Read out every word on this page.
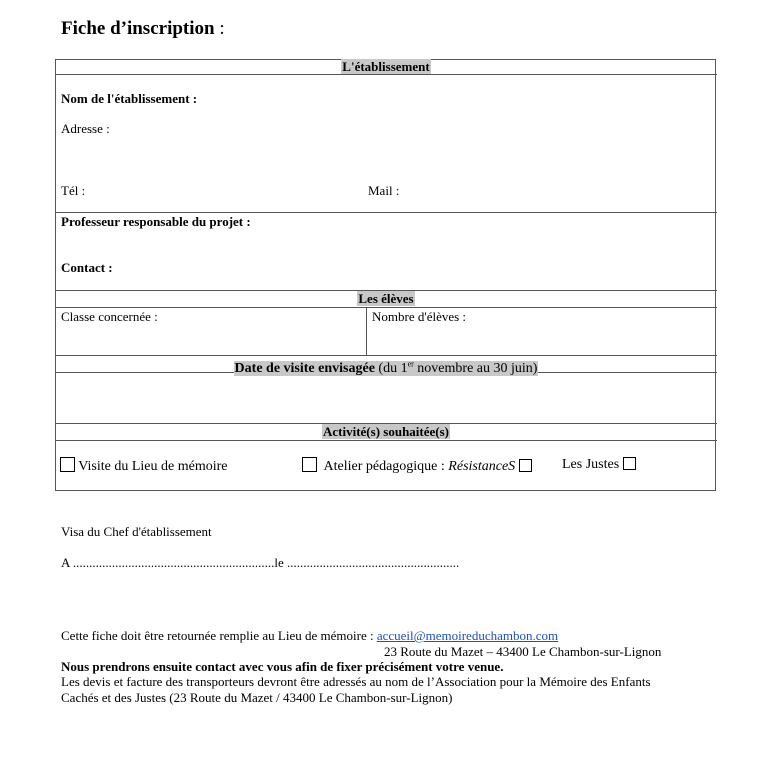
Fiche d’inscription :
L'établissement
Les élèves
Date de visite envisagée (du 1er novembre au 30 juin)
Activité(s) souhaitée(s)
Nom de l'établissement :
Adresse :
Tél :	Mail :
Professeur responsable du projet :
Contact :
Classe concernée :	Nombre d'élèves :
Visite du Lieu de mémoire	Atelier pédagogique : RésistanceS	Les Justes
Visa du Chef d'établissement
A ..............................................................le .....................................................
Cette fiche doit être retournée remplie au Lieu de mémoire : accueil@memoireduchambon.com
23 Route du Mazet – 43400 Le Chambon-sur-Lignon
Nous prendrons ensuite contact avec vous afin de fixer précisément votre venue.
Les devis et facture des transporteurs devront être adressés au nom de l’Association pour la Mémoire des Enfants
Cachés et des Justes (23 Route du Mazet / 43400 Le Chambon-sur-Lignon)
